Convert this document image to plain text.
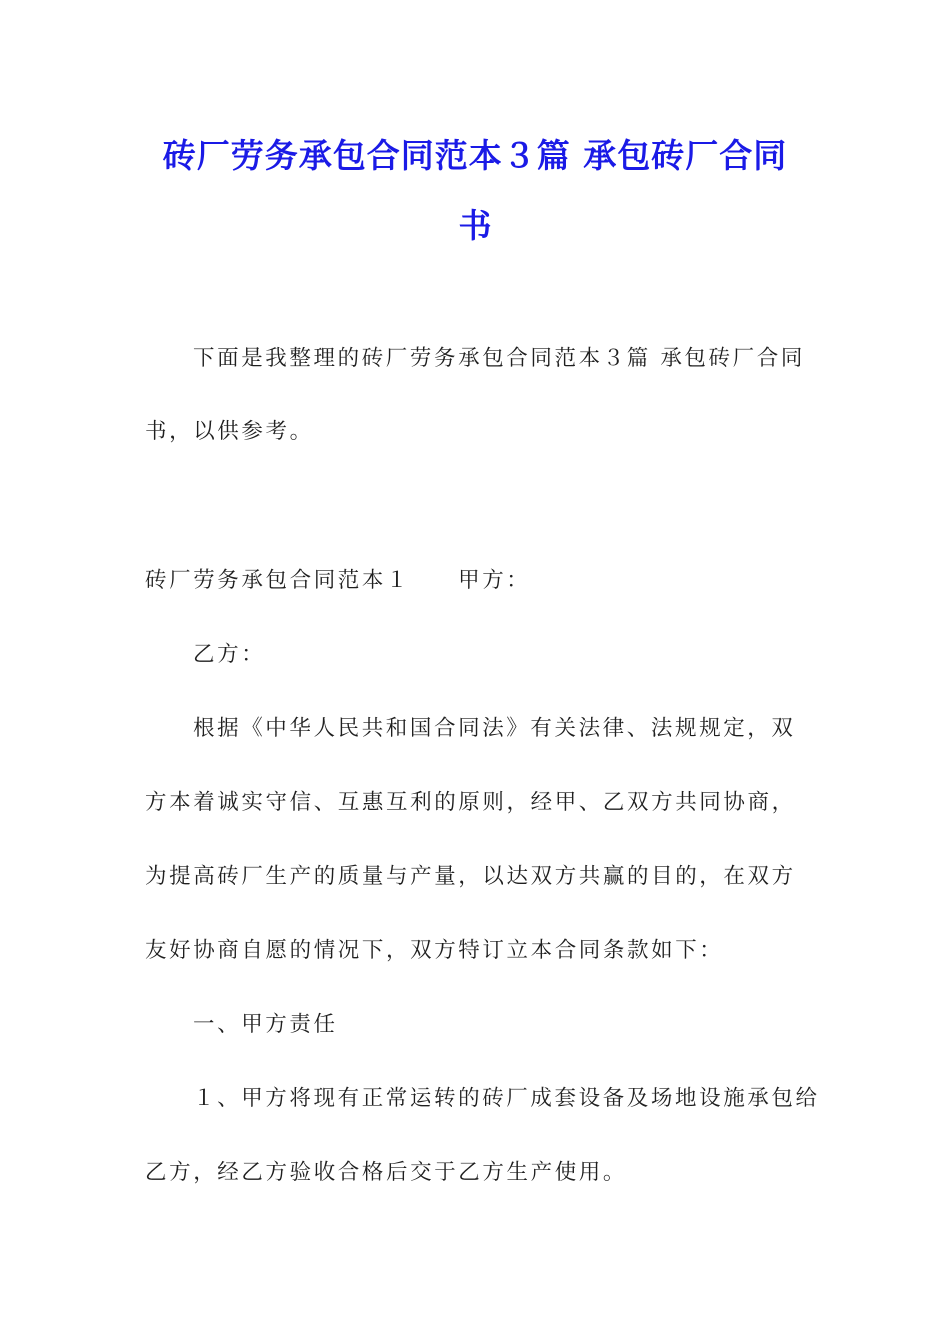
砖厂劳务承包合同范本３篇 承包砖厂合同
书
下面是我整理的砖厂劳务承包合同范本３篇 承包砖厂合同
书，以供参考。
砖厂劳务承包合同范本１ 甲方：
乙方：
根据《中华人民共和国合同法》有关法律、法规规定，双
方本着诚实守信、互惠互利的原则，经甲、乙双方共同协商，
为提高砖厂生产的质量与产量，以达双方共赢的目的，在双方
友好协商自愿的情况下，双方特订立本合同条款如下：
一、甲方责任
１、甲方将现有正常运转的砖厂成套设备及场地设施承包给
乙方，经乙方验收合格后交于乙方生产使用。
